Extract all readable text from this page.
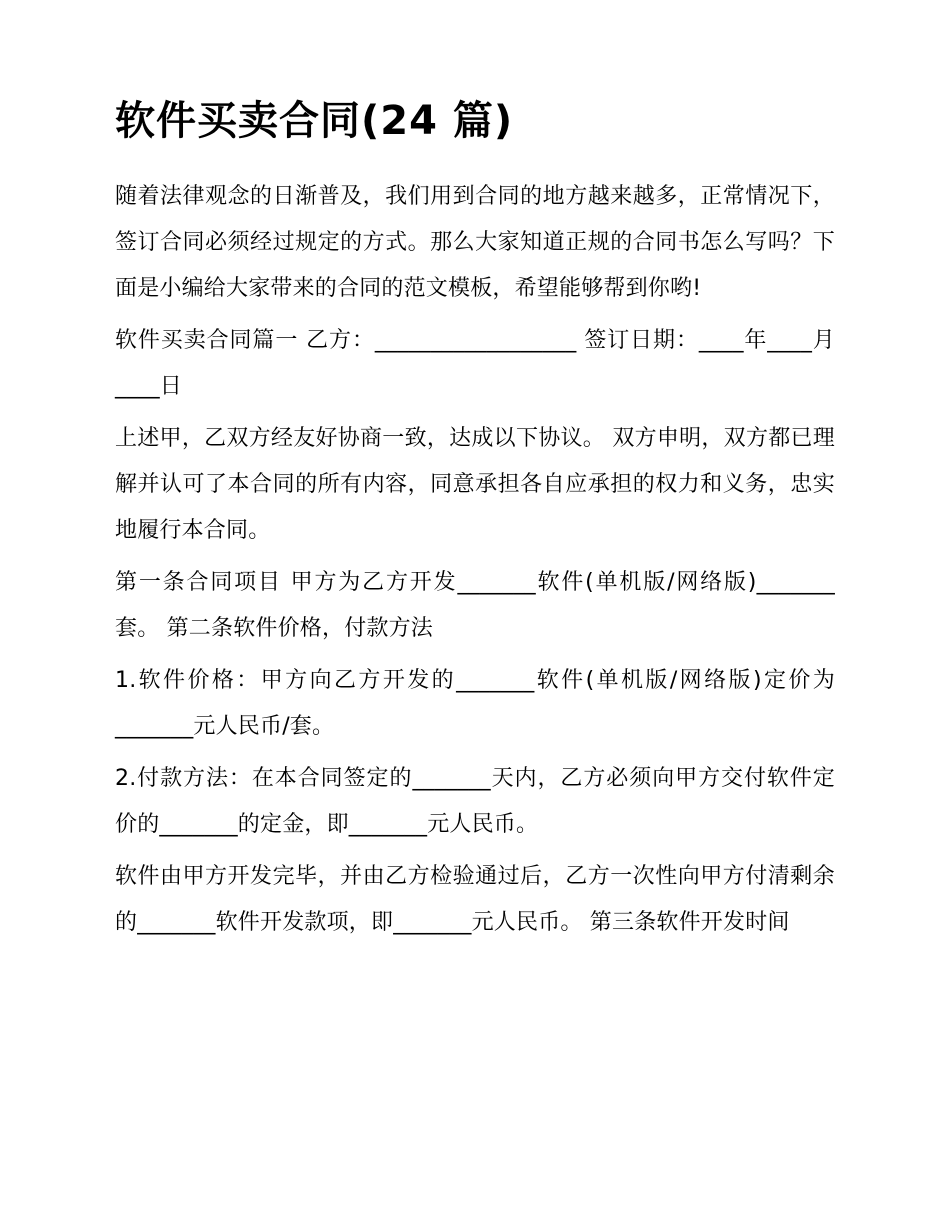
软件买卖合同(24 篇)

随着法律观念的日渐普及，我们用到合同的地方越来越多，正常情况下，签订合同必须经过规定的方式。那么大家知道正规的合同书怎么写吗？下面是小编给大家带来的合同的范文模板，希望能够帮到你哟!

软件买卖合同篇一 乙方：__________________ 签订日期：____年____月____日

上述甲，乙双方经友好协商一致，达成以下协议。 双方申明，双方都已理解并认可了本合同的所有内容，同意承担各自应承担的权力和义务，忠实地履行本合同。

第一条合同项目 甲方为乙方开发_______软件(单机版/网络版)_______套。 第二条软件价格，付款方法

1.软件价格：甲方向乙方开发的_______软件(单机版/网络版)定价为_______元人民币/套。

2.付款方法：在本合同签定的_______天内，乙方必须向甲方交付软件定价的_______的定金，即_______元人民币。

软件由甲方开发完毕，并由乙方检验通过后，乙方一次性向甲方付清剩余的_______软件开发款项，即_______元人民币。 第三条软件开发时间
